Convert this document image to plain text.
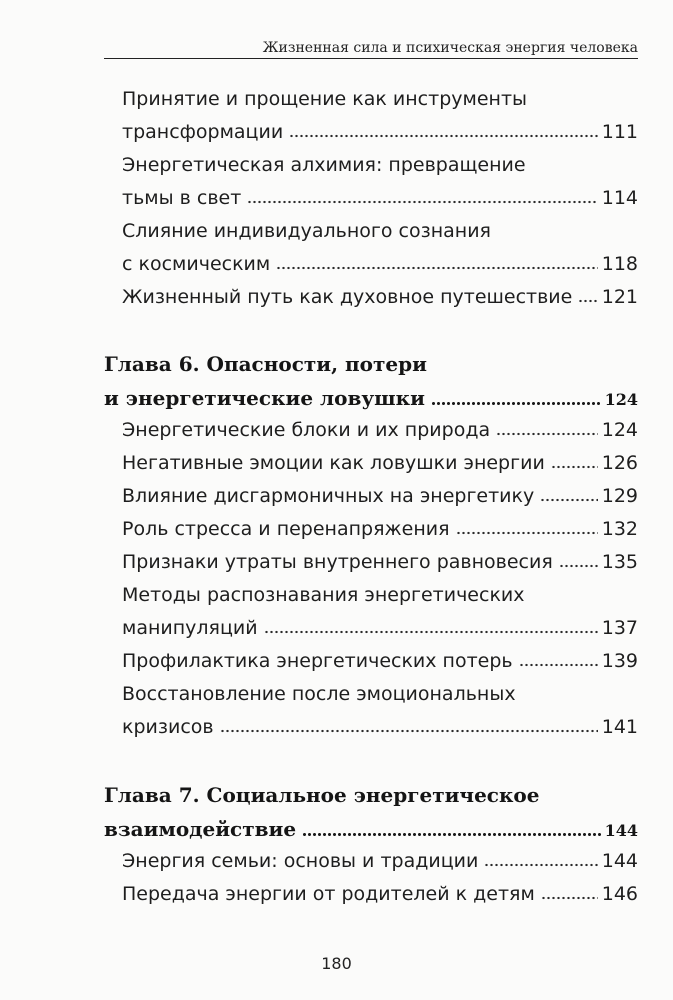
Жизненная сила и психическая энергия человека
Принятие и прощение как инструменты
трансформации	111
Энергетическая алхимия: превращение
тьмы в свет	114
Слияние индивидуального сознания
с космическим	118
Жизненный путь как духовное путешествие 121
Глава 6. Опасности, потери
и энергетические ловушки	124
Энергетические блоки и их природа	124
Негативные эмоции как ловушки энергии	126
Влияние дисгармоничных на энергетику	129
Роль стресса и перенапряжения	132
Признаки утраты внутреннего равновесия	135
Методы распознавания энергетических
манипуляций	137
Профилактика энергетических потерь	139
Восстановление после эмоциональных
кризисов	141
Глава 7. Социальное энергетическое
взаимодействие	144
Энергия семьи: основы и традиции	144
Передача энергии от родителей к детям	146
180
